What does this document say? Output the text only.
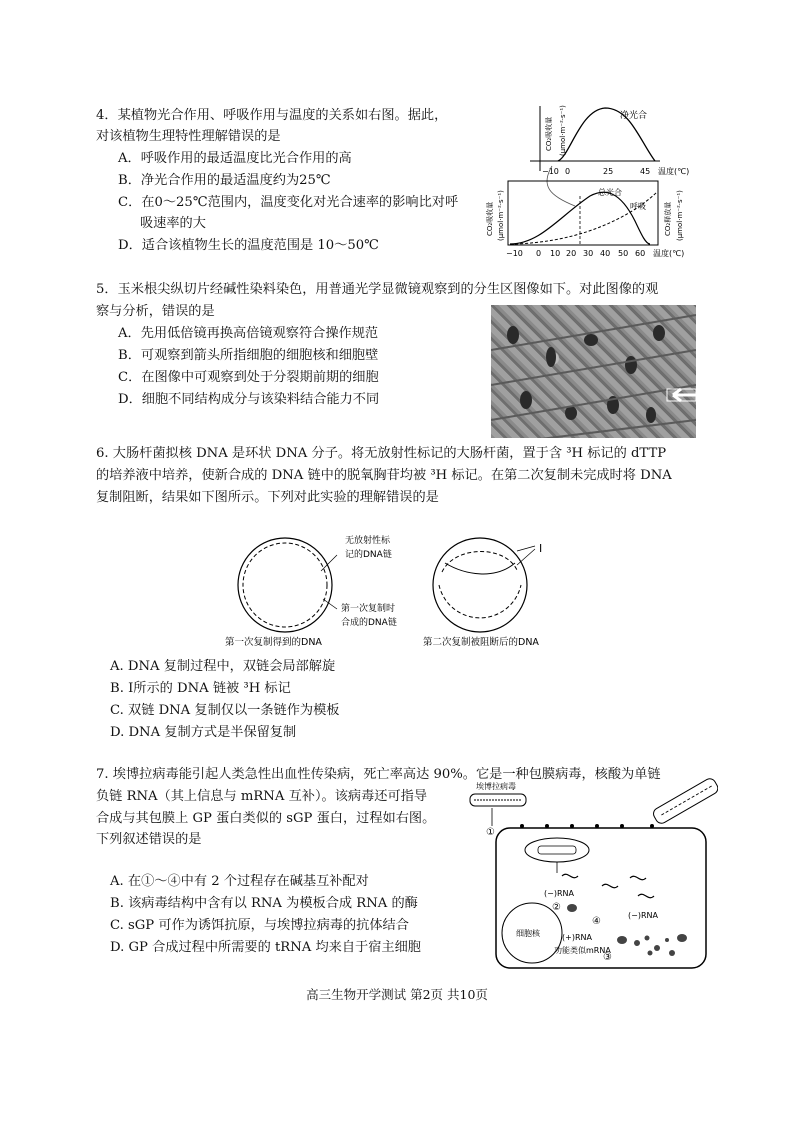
4．某植物光合作用、呼吸作用与温度的关系如右图。据此，
对该植物生理特性理解错误的是
A．呼吸作用的最适温度比光合作用的高
B．净光合作用的最适温度约为25℃
C．在0～25℃范围内，温度变化对光合速率的影响比对呼
吸速率的大
D．适合该植物生长的温度范围是 10～50℃
净光合
CO₂吸收量 (μmol·m⁻²·s⁻¹)
−10 0	25	45 温度(℃)
总光合
呼吸
CO₂吸收量 (μmol·m⁻²·s⁻¹)	CO₂释放量 (μmol·m⁻²·s⁻¹)
−10 0 10 20 30 40 50 60 温度(℃)
5．玉米根尖纵切片经碱性染料染色，用普通光学显微镜观察到的分生区图像如下。对此图像的观
察与分析，错误的是
A．先用低倍镜再换高倍镜观察符合操作规范
B．可观察到箭头所指细胞的细胞核和细胞壁
C．在图像中可观察到处于分裂期前期的细胞
D．细胞不同结构成分与该染料结合能力不同
6. 大肠杆菌拟核 DNA 是环状 DNA 分子。将无放射性标记的大肠杆菌，置于含 ³H 标记的 dTTP
的培养液中培养，使新合成的 DNA 链中的脱氧胸苷均被 ³H 标记。在第二次复制未完成时将 DNA
复制阻断，结果如下图所示。下列对此实验的理解错误的是
无放射性标
记的DNA链
第一次复制时
合成的DNA链
Ⅰ
第一次复制得到的DNA	第二次复制被阻断后的DNA
A. DNA 复制过程中，双链会局部解旋
B. Ⅰ所示的 DNA 链被 ³H 标记
C. 双链 DNA 复制仅以一条链作为模板
D. DNA 复制方式是半保留复制
7. 埃博拉病毒能引起人类急性出血性传染病，死亡率高达 90%。它是一种包膜病毒，核酸为单链
负链 RNA（其上信息与 mRNA 互补）。该病毒还可指导
合成与其包膜上 GP 蛋白类似的 sGP 蛋白，过程如右图。
下列叙述错误的是
A. 在①～④中有 2 个过程存在碱基互补配对
B. 该病毒结构中含有以 RNA 为模板合成 RNA 的酶
C. sGP 可作为诱饵抗原，与埃博拉病毒的抗体结合
D. GP 合成过程中所需要的 tRNA 均来自于宿主细胞
埃博拉病毒
①
细胞核
(−)RNA
②
(+)RNA
功能类似mRNA
④
③
(−)RNA
高三生物开学测试 第2页 共10页
